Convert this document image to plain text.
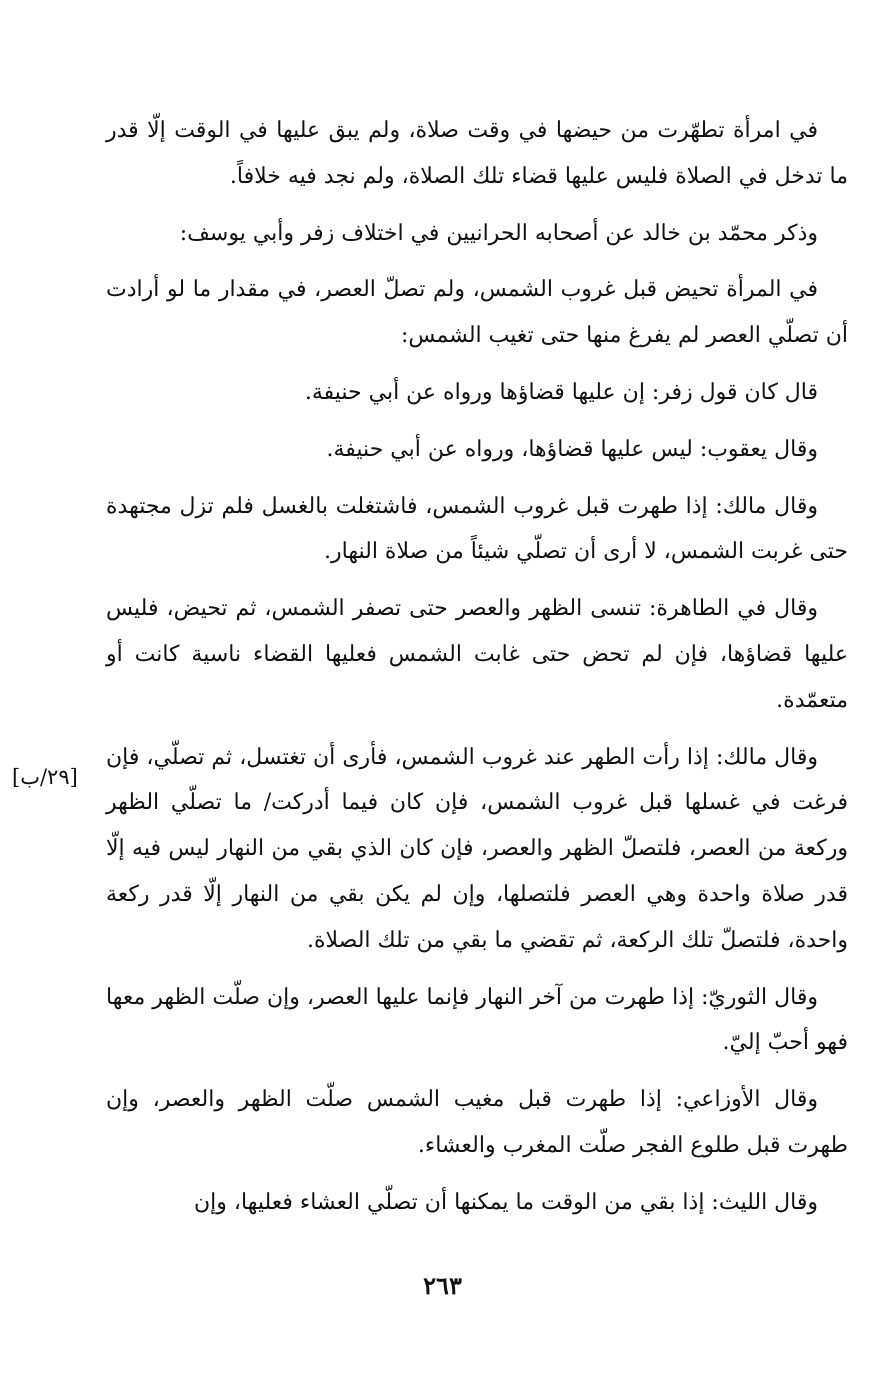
في امرأة تطهّرت من حيضها في وقت صلاة، ولم يبق عليها في الوقت إلّا قدر ما تدخل في الصلاة فليس عليها قضاء تلك الصلاة، ولم نجد فيه خلافاً.

وذكر محمّد بن خالد عن أصحابه الحرانيين في اختلاف زفر وأبي يوسف:

في المرأة تحيض قبل غروب الشمس، ولم تصلّ العصر، في مقدار ما لو أرادت أن تصلّي العصر لم يفرغ منها حتى تغيب الشمس:

قال كان قول زفر: إن عليها قضاؤها ورواه عن أبي حنيفة.

وقال يعقوب: ليس عليها قضاؤها، ورواه عن أبي حنيفة.

وقال مالك: إذا طهرت قبل غروب الشمس، فاشتغلت بالغسل فلم تزل مجتهدة حتى غربت الشمس، لا أرى أن تصلّي شيئاً من صلاة النهار.

وقال في الطاهرة: تنسى الظهر والعصر حتى تصفر الشمس، ثم تحيض، فليس عليها قضاؤها، فإن لم تحض حتى غابت الشمس فعليها القضاء ناسية كانت أو متعمّدة.

وقال مالك: إذا رأت الطهر عند غروب الشمس، فأرى أن تغتسل، ثم تصلّي، فإن فرغت في غسلها قبل غروب الشمس، فإن كان فيما أدركت/ ما تصلّي الظهر وركعة من العصر، فلتصلّ الظهر والعصر، فإن كان الذي بقي من النهار ليس فيه إلّا قدر صلاة واحدة وهي العصر فلتصلها، وإن لم يكن بقي من النهار إلّا قدر ركعة واحدة، فلتصلّ تلك الركعة، ثم تقضي ما بقي من تلك الصلاة.

وقال الثوريّ: إذا طهرت من آخر النهار فإنما عليها العصر، وإن صلّت الظهر معها فهو أحبّ إليّ.

وقال الأوزاعي: إذا طهرت قبل مغيب الشمس صلّت الظهر والعصر، وإن طهرت قبل طلوع الفجر صلّت المغرب والعشاء.

وقال الليث: إذا بقي من الوقت ما يمكنها أن تصلّي العشاء فعليها، وإن

[٢٩/ب]
٢٦٣
